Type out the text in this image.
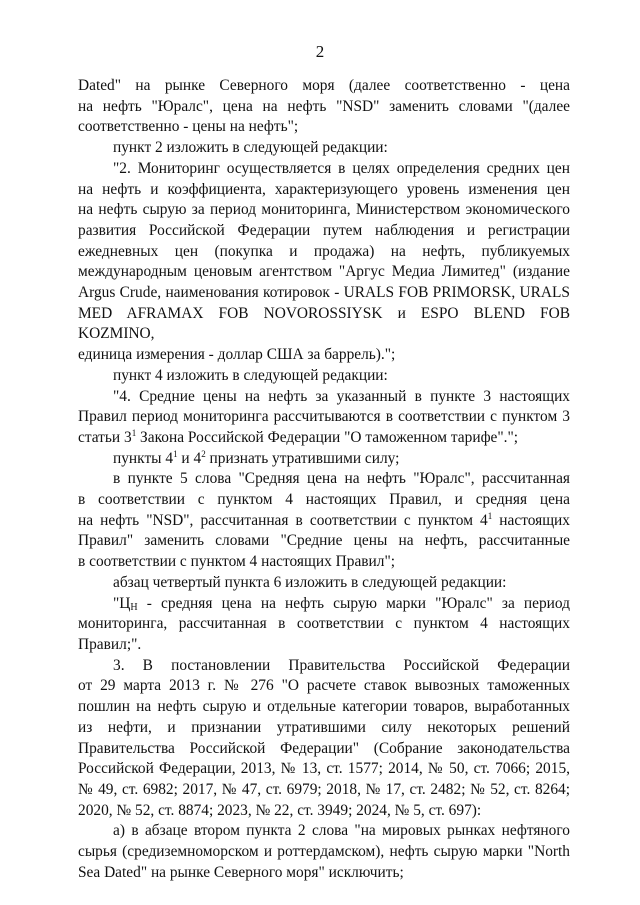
2

Dated" на рынке Северного моря (далее соответственно - цена
на нефть "Юралс", цена на нефть "NSD" заменить словами "(далее
соответственно - цены на нефть";

пункт 2 изложить в следующей редакции:

"2. Мониторинг осуществляется в целях определения средних цен
на нефть и коэффициента, характеризующего уровень изменения цен
на нефть сырую за период мониторинга, Министерством экономического
развития Российской Федерации путем наблюдения и регистрации
ежедневных цен (покупка и продажа) на нефть, публикуемых
международным ценовым агентством "Аргус Медиа Лимитед" (издание
Argus Crude, наименования котировок - URALS FOB PRIMORSK, URALS
MED AFRAMAX FOB NOVOROSSIYSK и ESPO BLEND FOB KOZMINO,
единица измерения - доллар США за баррель).";

пункт 4 изложить в следующей редакции:

"4. Средние цены на нефть за указанный в пункте 3 настоящих
Правил период мониторинга рассчитываются в соответствии с пунктом 3
статьи $3^1$ Закона Российской Федерации "О таможенном тарифе".";

пункты $4^1$ и $4^2$ признать утратившими силу;

в пункте 5 слова "Средняя цена на нефть "Юралс", рассчитанная
в соответствии с пунктом 4 настоящих Правил, и средняя цена
на нефть "NSD", рассчитанная в соответствии с пунктом $4^1$ настоящих
Правил" заменить словами "Средние цены на нефть, рассчитанные
в соответствии с пунктом 4 настоящих Правил";

абзац четвертый пункта 6 изложить в следующей редакции:

"$Ц_Н$ - средняя цена на нефть сырую марки "Юралс" за период
мониторинга, рассчитанная в соответствии с пунктом 4 настоящих
Правил;".

3. В постановлении Правительства Российской Федерации
от 29 марта 2013 г. № 276 "О расчете ставок вывозных таможенных
пошлин на нефть сырую и отдельные категории товаров, выработанных
из нефти, и признании утратившими силу некоторых решений
Правительства Российской Федерации" (Собрание законодательства
Российской Федерации, 2013, № 13, ст. 1577; 2014, № 50, ст. 7066; 2015,
№ 49, ст. 6982; 2017, № 47, ст. 6979; 2018, № 17, ст. 2482; № 52, ст. 8264;
2020, № 52, ст. 8874; 2023, № 22, ст. 3949; 2024, № 5, ст. 697):

а) в абзаце втором пункта 2 слова "на мировых рынках нефтяного
сырья (средиземноморском и роттердамском), нефть сырую марки "North
Sea Dated" на рынке Северного моря" исключить;
